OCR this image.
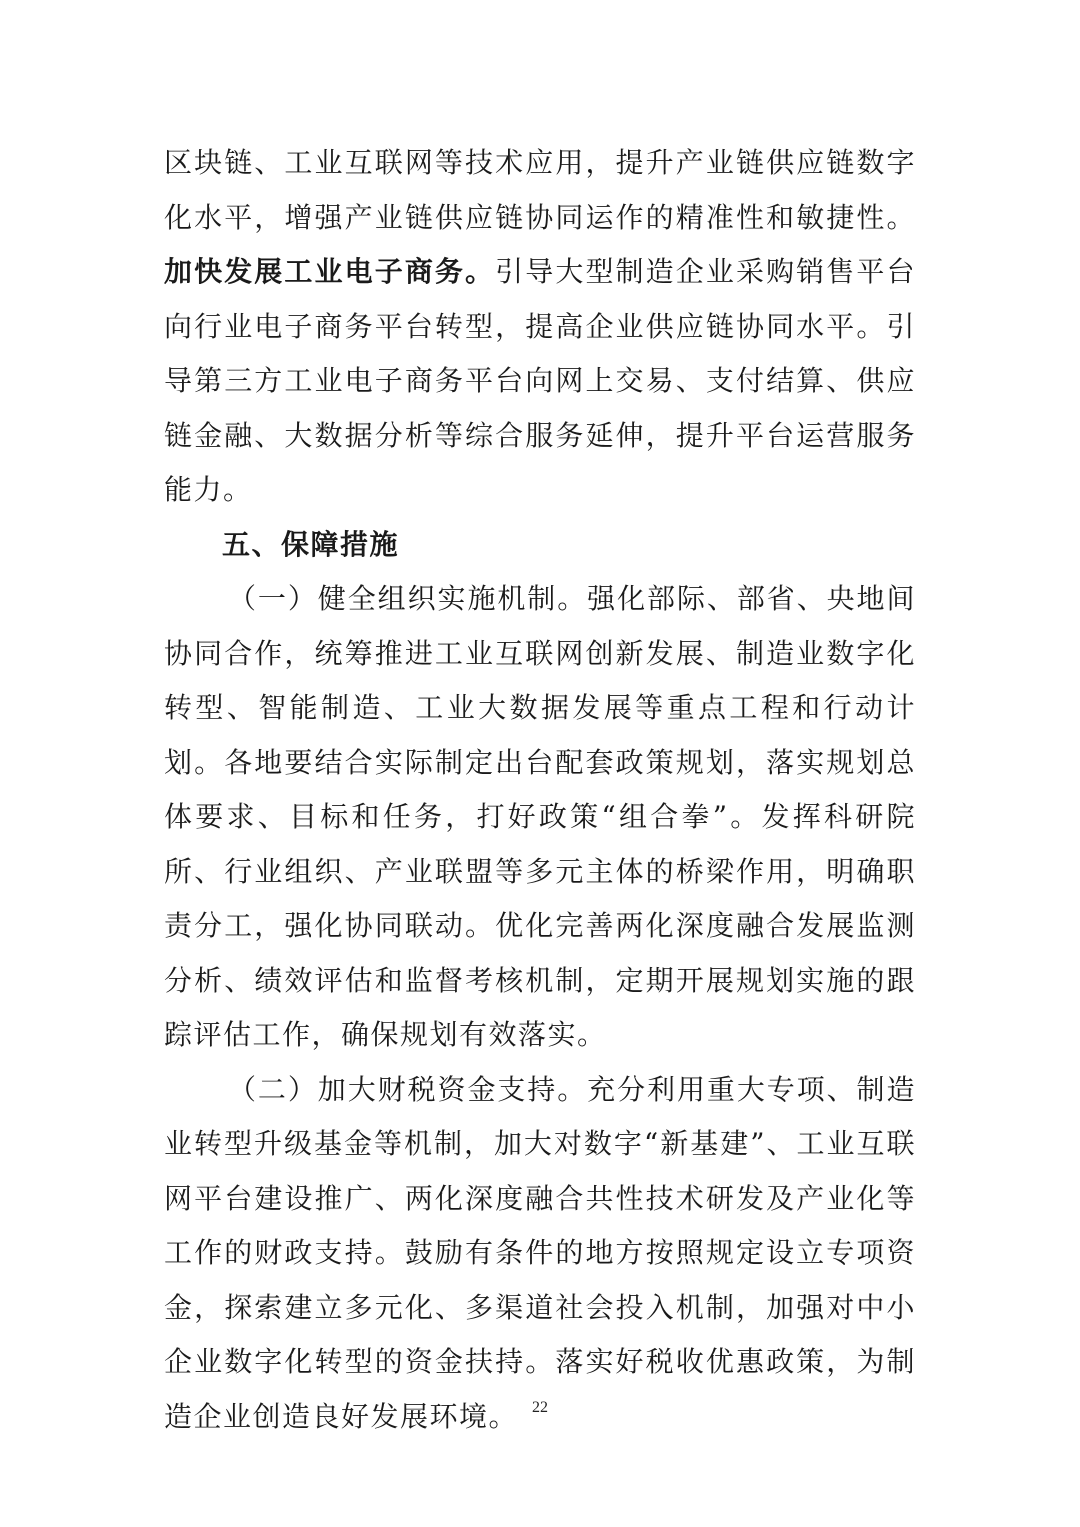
区块链、工业互联网等技术应用，提升产业链供应链数字化水平，增强产业链供应链协同运作的精准性和敏捷性。加快发展工业电子商务。引导大型制造企业采购销售平台向行业电子商务平台转型，提高企业供应链协同水平。引导第三方工业电子商务平台向网上交易、支付结算、供应链金融、大数据分析等综合服务延伸，提升平台运营服务能力。

五、保障措施

（一）健全组织实施机制。强化部际、部省、央地间协同合作，统筹推进工业互联网创新发展、制造业数字化转型、智能制造、工业大数据发展等重点工程和行动计划。各地要结合实际制定出台配套政策规划，落实规划总体要求、目标和任务，打好政策“组合拳”。发挥科研院所、行业组织、产业联盟等多元主体的桥梁作用，明确职责分工，强化协同联动。优化完善两化深度融合发展监测分析、绩效评估和监督考核机制，定期开展规划实施的跟踪评估工作，确保规划有效落实。

（二）加大财税资金支持。充分利用重大专项、制造业转型升级基金等机制，加大对数字“新基建”、工业互联网平台建设推广、两化深度融合共性技术研发及产业化等工作的财政支持。鼓励有条件的地方按照规定设立专项资金，探索建立多元化、多渠道社会投入机制，加强对中小企业数字化转型的资金扶持。落实好税收优惠政策，为制造企业创造良好发展环境。 22
